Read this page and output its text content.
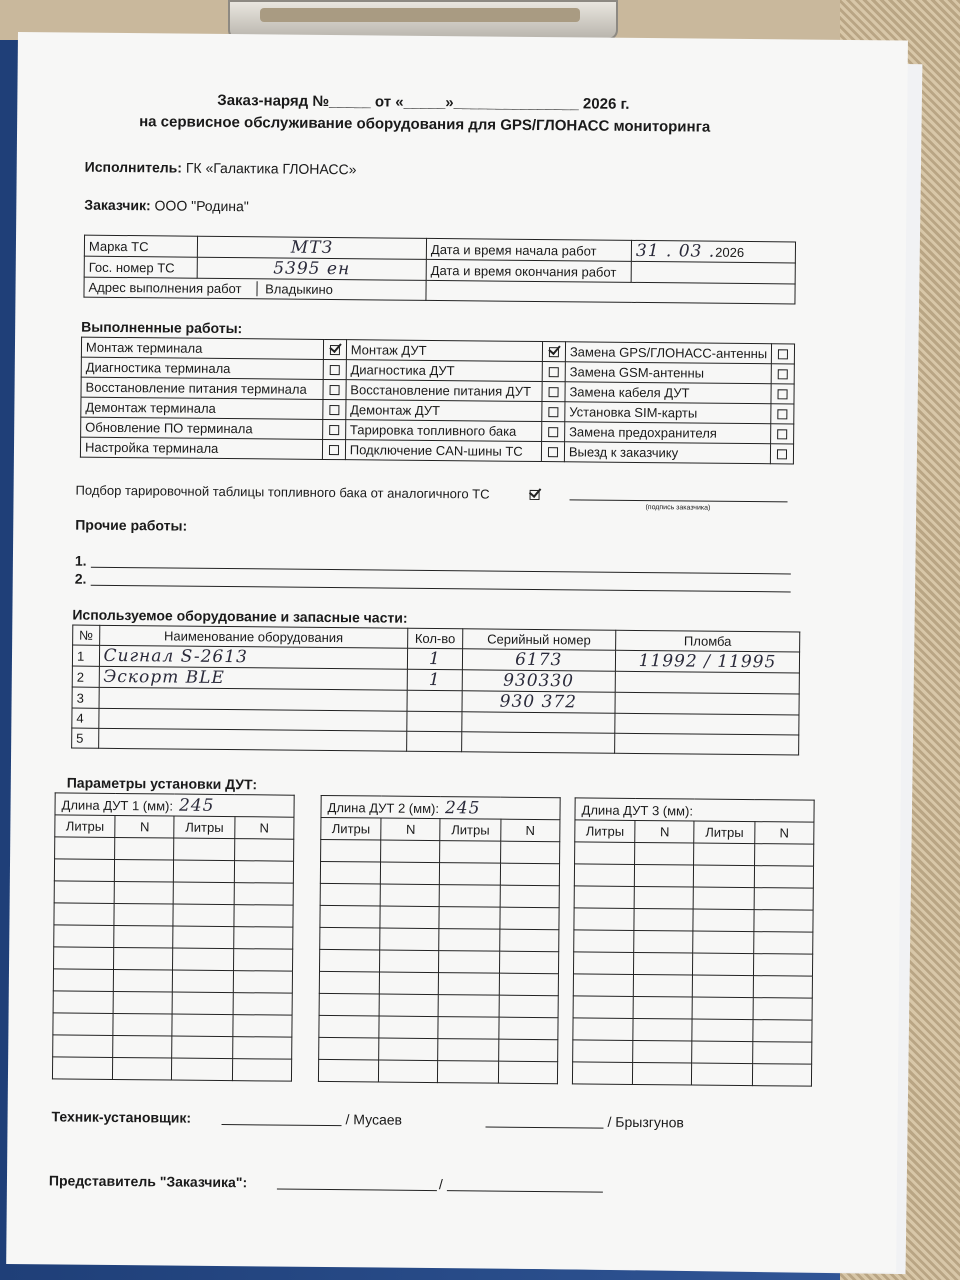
Заказ-наряд №_____ от «_____»_______________ 2026 г.
на сервисное обслуживание оборудования для GPS/ГЛОНАСС мониторинга
Исполнитель: ГК «Галактика ГЛОНАСС»
Заказчик: ООО "Родина"
Марка ТС	МТЗ	Дата и время начала работ	31 . 03 .2026
Гос. номер ТС	5395 ен	Дата и время окончания работ	
Адрес выполнения работ Владыкино			
Выполненные работы:
Монтаж терминала		Монтаж ДУТ		Замена GPS/ГЛОНАСС-антенны	
Диагностика терминала		Диагностика ДУТ		Замена GSM-антенны	
Восстановление питания терминала		Восстановление питания ДУТ		Замена кабеля ДУТ	
Демонтаж терминала		Демонтаж ДУТ		Установка SIM-карты	
Обновление ПО терминала		Тарировка топливного бака		Замена предохранителя	
Настройка терминала		Подключение CAN-шины ТС		Выезд к заказчику	
Подбор тарировочной таблицы топливного бака от аналогичного ТС
(подпись заказчика)
Прочие работы:
1.
2.
Используемое оборудование и запасные части:
№	Наименование оборудования	Кол-во	Серийный номер	Пломба
1	Сигнал S-2613	1	6173	11992 / 11995
2	Эскорт BLE	1	930330	
3			930 372	
4				
5				
Параметры установки ДУТ:
Длина ДУТ 1 (мм): 245			
Литры	N	Литры	N

Длина ДУТ 2 (мм): 245			
Литры	N	Литры	N

Длина ДУТ 3 (мм):			
Литры	N	Литры	N

Техник-установщик:	/ Мусаев	/ Брызгунов
Представитель "Заказчика":	/
